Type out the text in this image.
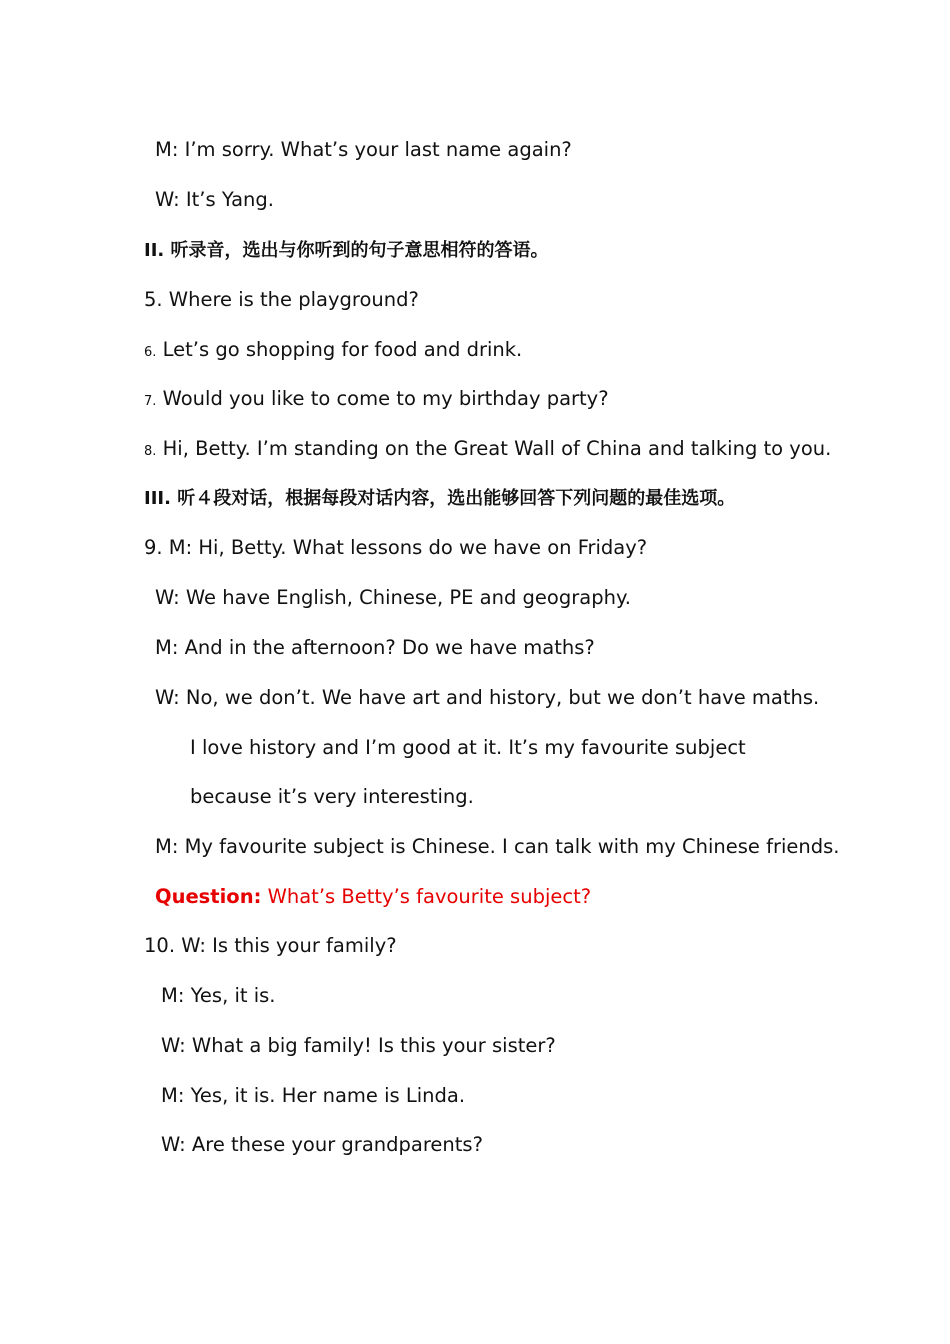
M: I’m sorry. What’s your last name again?
W: It’s Yang.
II. 听录音，选出与你听到的句子意思相符的答语。
5. Where is the playground?
6. Let’s go shopping for food and drink.
7. Would you like to come to my birthday party?
8. Hi, Betty. I’m standing on the Great Wall of China and talking to you.
III. 听４段对话，根据每段对话内容，选出能够回答下列问题的最佳选项。
9. M: Hi, Betty. What lessons do we have on Friday?
W: We have English, Chinese, PE and geography.
M: And in the afternoon? Do we have maths?
W: No, we don’t. We have art and history, but we don’t have maths.
I love history and I’m good at it. It’s my favourite subject
because it’s very interesting.
M: My favourite subject is Chinese. I can talk with my Chinese friends.
Question: What’s Betty’s favourite subject?
10. W: Is this your family?
M: Yes, it is.
W: What a big family! Is this your sister?
M: Yes, it is. Her name is Linda.
W: Are these your grandparents?
